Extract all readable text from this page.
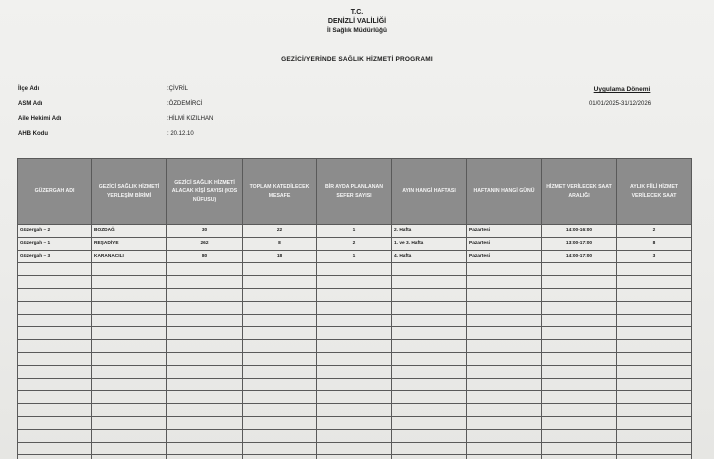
T.C.
DENİZLİ VALİLİĞİ
İl Sağlık Müdürlüğü
GEZİCİ/YERİNDE SAĞLIK HİZMETİ PROGRAMI
İlçe Adı	:ÇİVRİL
ASM Adı	:ÖZDEMİRCİ
Aile Hekimi Adı	:HİLMİ KIZILHAN
AHB Kodu	: 20.12.10
Uygulama Dönemi
01/01/2025-31/12/2026
GÜZERGAH ADI	GEZİCİ SAĞLIK HİZMETİ YERLEŞİM BİRİMİ	GEZİCİ SAĞLIK HİZMETİ ALACAK KİŞİ SAYISI (KDS NÜFUSU)	TOPLAM KATEDİLECEK MESAFE	BİR AYDA PLANLANAN SEFER SAYISI	AYIN HANGİ HAFTASI	HAFTANIN HANGİ GÜNÜ	HİZMET VERİLECEK SAAT ARALIĞI	AYLIK FİİLİ HİZMET VERİLECEK SAAT
Güzergah – 2	BOZDAĞ	30	22	1	2. Hafta	Pazartesi	14:00-16:00	2
Güzergah – 1	REŞADİYE	262	8	2	1. ve 3. Hafta	Pazartesi	13:00-17:00	8
Güzergah – 3	KARANACILI	80	18	1	4. Hafta	Pazartesi	14:00-17:00	3
